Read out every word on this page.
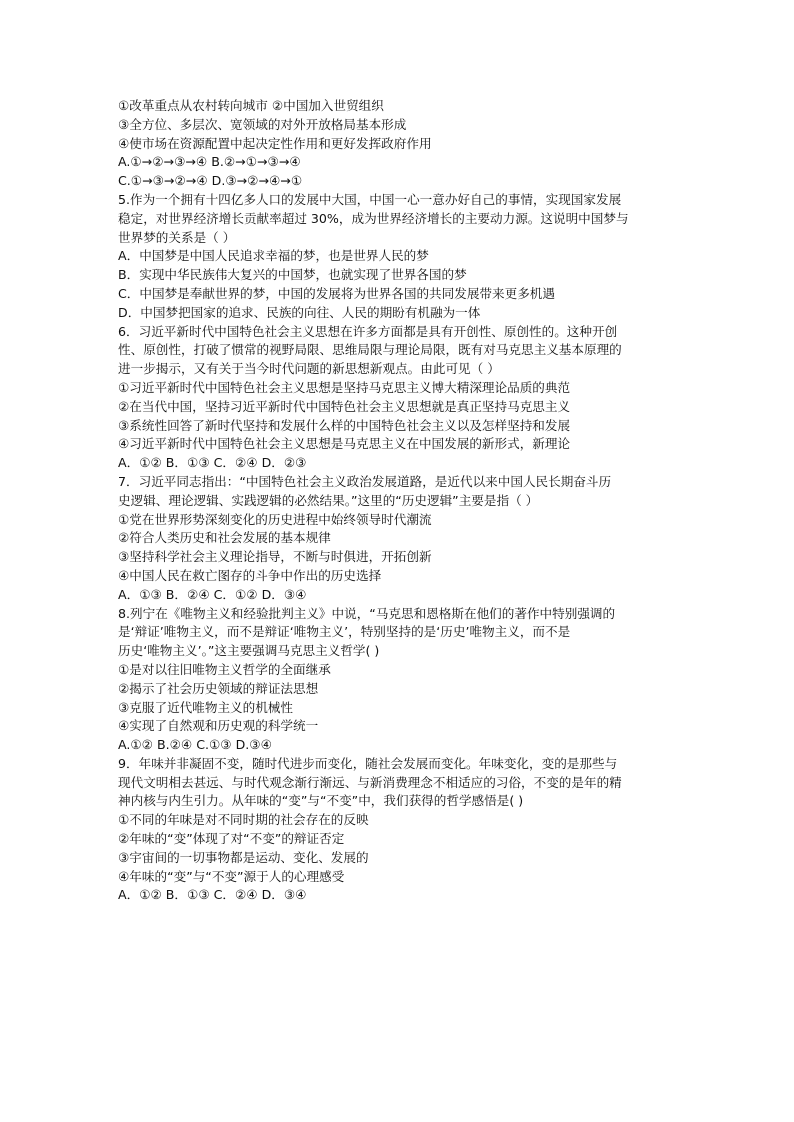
①改革重点从农村转向城市 ②中国加入世贸组织
③全方位、多层次、宽领域的对外开放格局基本形成
④使市场在资源配置中起决定性作用和更好发挥政府作用
A.①→②→③→④ B.②→①→③→④
C.①→③→②→④ D.③→②→④→①
5.作为一个拥有十四亿多人口的发展中大国，中国一心一意办好自己的事情，实现国家发展
稳定，对世界经济增长贡献率超过 30%，成为世界经济增长的主要动力源。这说明中国梦与
世界梦的关系是（ ）
A．中国梦是中国人民追求幸福的梦，也是世界人民的梦
B．实现中华民族伟大复兴的中国梦，也就实现了世界各国的梦
C．中国梦是奉献世界的梦，中国的发展将为世界各国的共同发展带来更多机遇
D．中国梦把国家的追求、民族的向往、人民的期盼有机融为一体
6．习近平新时代中国特色社会主义思想在许多方面都是具有开创性、原创性的。这种开创
性、原创性，打破了惯常的视野局限、思维局限与理论局限，既有对马克思主义基本原理的
进一步揭示，又有关于当今时代问题的新思想新观点。由此可见（ ）
①习近平新时代中国特色社会主义思想是坚持马克思主义博大精深理论品质的典范
②在当代中国，坚持习近平新时代中国特色社会主义思想就是真正坚持马克思主义
③系统性回答了新时代坚持和发展什么样的中国特色社会主义以及怎样坚持和发展
④习近平新时代中国特色社会主义思想是马克思主义在中国发展的新形式，新理论
A．①② B．①③ C．②④ D．②③
7．习近平同志指出：“中国特色社会主义政治发展道路，是近代以来中国人民长期奋斗历
史逻辑、理论逻辑、实践逻辑的必然结果。”这里的“历史逻辑”主要是指（ ）
①党在世界形势深刻变化的历史进程中始终领导时代潮流
②符合人类历史和社会发展的基本规律
③坚持科学社会主义理论指导，不断与时俱进，开拓创新
④中国人民在救亡图存的斗争中作出的历史选择
A．①③ B．②④ C．①② D．③④
8.列宁在《唯物主义和经验批判主义》中说，“马克思和恩格斯在他们的著作中特别强调的
是‘辩证’唯物主义，而不是辩证‘唯物主义’，特别坚持的是‘历史’唯物主义，而不是
历史‘唯物主义’。”这主要强调马克思主义哲学( )
①是对以往旧唯物主义哲学的全面继承
②揭示了社会历史领域的辩证法思想
③克服了近代唯物主义的机械性
④实现了自然观和历史观的科学统一
A.①② B.②④ C.①③ D.③④
9．年味并非凝固不变，随时代进步而变化，随社会发展而变化。年味变化，变的是那些与
现代文明相去甚远、与时代观念渐行渐远、与新消费理念不相适应的习俗，不变的是年的精
神内核与内生引力。从年味的“变”与“不变”中，我们获得的哲学感悟是( )
①不同的年味是对不同时期的社会存在的反映
②年味的“变”体现了对“不变”的辩证否定
③宇宙间的一切事物都是运动、变化、发展的
④年味的“变”与“不变”源于人的心理感受
A．①② B．①③ C．②④ D．③④
